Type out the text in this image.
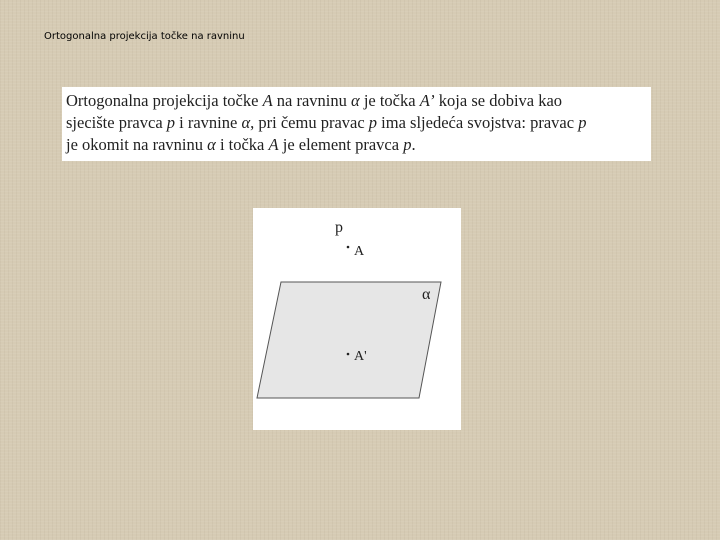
Ortogonalna projekcija točke na ravninu
Ortogonalna projekcija točke A na ravninu α je točka A’ koja se dobiva kao
sjecište pravca p i ravnine α, pri čemu pravac p ima sljedeća svojstva: pravac p
je okomit na ravninu α i točka A je element pravca p.
p
A
α
A'
